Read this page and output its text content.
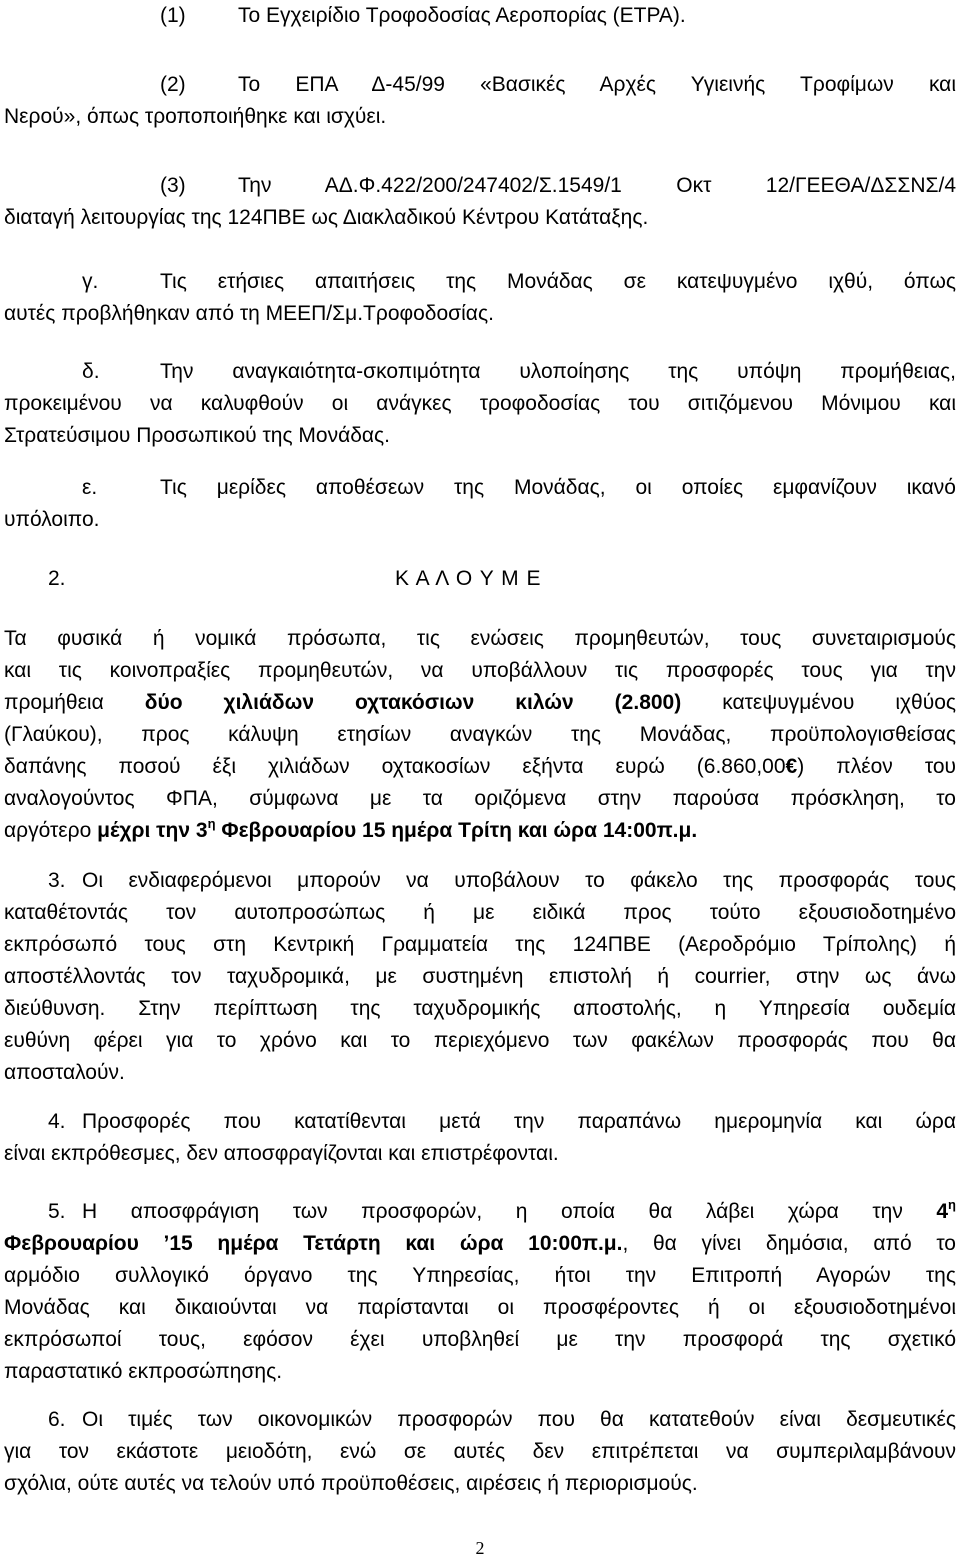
(1) Το Εγχειρίδιο Τροφοδοσίας Αεροπορίας (ΕΤΡΑ).
(2) Το ΕΠΑ Δ-45/99 «Βασικές Αρχές Υγιεινής Τροφίμων και
Νερού», όπως τροποποιήθηκε και ισχύει.
(3) Την ΑΔ.Φ.422/200/247402/Σ.1549/1 Οκτ 12/ΓΕΕΘΑ/ΔΣΣΝΣ/4
διαταγή λειτουργίας της 124ΠΒΕ ως Διακλαδικού Κέντρου Κατάταξης.
γ.	Τις ετήσιες απαιτήσεις της Μονάδας σε κατεψυγμένο ιχθύ, όπως
αυτές προβλήθηκαν από τη ΜΕΕΠ/Σμ.Τροφοδοσίας.
δ.	Την αναγκαιότητα-σκοπιμότητα υλοποίησης της υπόψη προμήθειας,
προκειμένου να καλυφθούν οι ανάγκες τροφοδοσίας του σιτιζόμενου Μόνιμου και
Στρατεύσιμου Προσωπικού της Μονάδας.
ε.	Τις μερίδες αποθέσεων της Μονάδας, οι οποίες εμφανίζουν ικανό
υπόλοιπο.
2.	Κ Α Λ Ο Υ Μ Ε
Τα φυσικά ή νομικά πρόσωπα, τις ενώσεις προμηθευτών, τους συνεταιρισμούς
και τις κοινοπραξίες προμηθευτών, να υποβάλλουν τις προσφορές τους για την
προμήθεια δύο χιλιάδων οχτακόσιων κιλών (2.800) κατεψυγμένου ιχθύος
(Γλαύκου), προς κάλυψη ετησίων αναγκών της Μονάδας, προϋπολογισθείσας
δαπάνης ποσού έξι χιλιάδων οχτακοσίων εξήντα ευρώ (6.860,00€) πλέον του
αναλογούντος ΦΠΑ, σύμφωνα με τα οριζόμενα στην παρούσα πρόσκληση, το
αργότερο μέχρι την $3^\eta$ Φεβρουαρίου 15 ημέρα Τρίτη και ώρα 14:00π.μ.
3. Οι ενδιαφερόμενοι μπορούν να υποβάλουν το φάκελο της προσφοράς τους
καταθέτοντάς τον αυτοπροσώπως ή με ειδικά προς τούτο εξουσιοδοτημένο
εκπρόσωπό τους στη Κεντρική Γραμματεία της 124ΠΒΕ (Αεροδρόμιο Τρίπολης) ή
αποστέλλοντάς τον ταχυδρομικά, με συστημένη επιστολή ή courrier, στην ως άνω
διεύθυνση. Στην περίπτωση της ταχυδρομικής αποστολής, η Υπηρεσία ουδεμία
ευθύνη φέρει για το χρόνο και το περιεχόμενο των φακέλων προσφοράς που θα
αποσταλούν.
4. Προσφορές που κατατίθενται μετά την παραπάνω ημερομηνία και ώρα
είναι εκπρόθεσμες, δεν αποσφραγίζονται και επιστρέφονται.
5. Η αποσφράγιση των προσφορών, η οποία θα λάβει χώρα την $4^\eta$
Φεβρουαρίου ’15 ημέρα Τετάρτη και ώρα 10:00π.μ., θα γίνει δημόσια, από το
αρμόδιο συλλογικό όργανο της Υπηρεσίας, ήτοι την Επιτροπή Αγορών της
Μονάδας και δικαιούνται να παρίστανται οι προσφέροντες ή οι εξουσιοδοτημένοι
εκπρόσωποί τους, εφόσον έχει υποβληθεί με την προσφορά της σχετικό
παραστατικό εκπροσώπησης.
6. Οι τιμές των οικονομικών προσφορών που θα κατατεθούν είναι δεσμευτικές
για τον εκάστοτε μειοδότη, ενώ σε αυτές δεν επιτρέπεται να συμπεριλαμβάνουν
σχόλια, ούτε αυτές να τελούν υπό προϋποθέσεις, αιρέσεις ή περιορισμούς.
2
